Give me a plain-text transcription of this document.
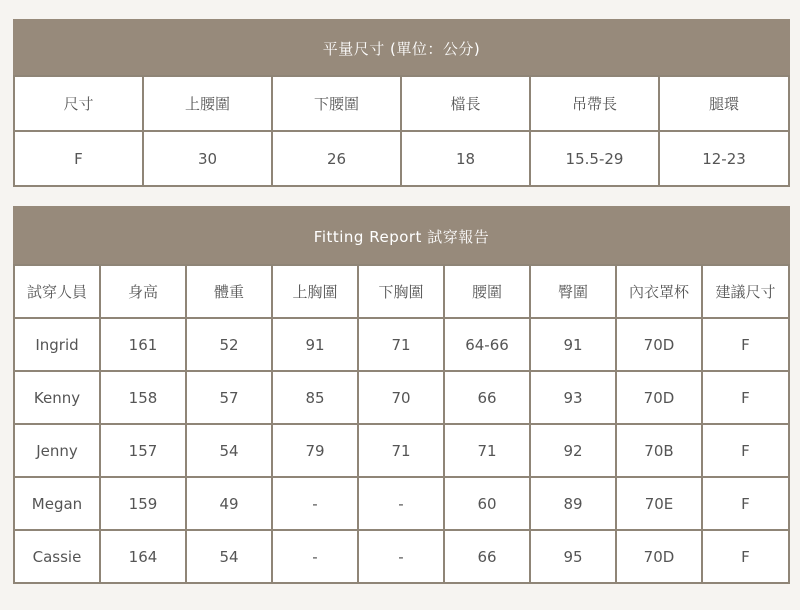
平量尺寸 (單位：公分)					
尺寸	上腰圍	下腰圍	檔長	吊帶長	腿環
F	30	26	18	15.5-29	12-23
Fitting Report 試穿報告								
試穿人員	身高	體重	上胸圍	下胸圍	腰圍	臀圍	內衣罩杯	建議尺寸
Ingrid	161	52	91	71	64-66	91	70D	F
Kenny	158	57	85	70	66	93	70D	F
Jenny	157	54	79	71	71	92	70B	F
Megan	159	49	-	-	60	89	70E	F
Cassie	164	54	-	-	66	95	70D	F
